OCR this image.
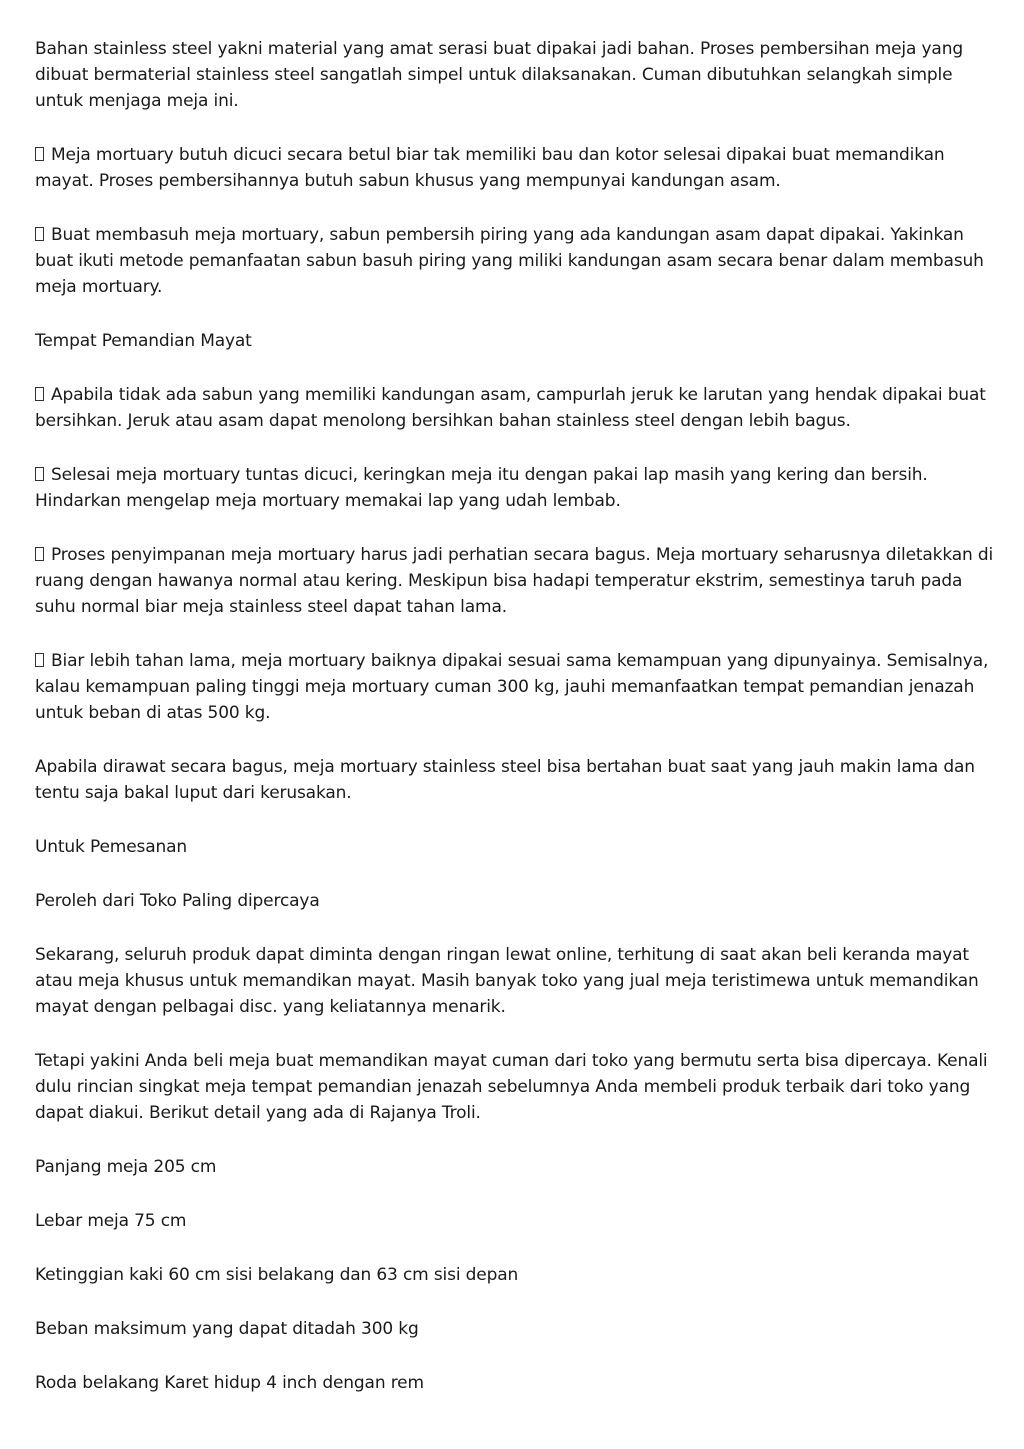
Bahan stainless steel yakni material yang amat serasi buat dipakai jadi bahan. Proses pembersihan meja yang dibuat bermaterial stainless steel sangatlah simpel untuk dilaksanakan. Cuman dibutuhkan selangkah simple untuk menjaga meja ini.

Meja mortuary butuh dicuci secara betul biar tak memiliki bau dan kotor selesai dipakai buat memandikan mayat. Proses pembersihannya butuh sabun khusus yang mempunyai kandungan asam.

Buat membasuh meja mortuary, sabun pembersih piring yang ada kandungan asam dapat dipakai. Yakinkan buat ikuti metode pemanfaatan sabun basuh piring yang miliki kandungan asam secara benar dalam membasuh meja mortuary.

Tempat Pemandian Mayat

Apabila tidak ada sabun yang memiliki kandungan asam, campurlah jeruk ke larutan yang hendak dipakai buat bersihkan. Jeruk atau asam dapat menolong bersihkan bahan stainless steel dengan lebih bagus.

Selesai meja mortuary tuntas dicuci, keringkan meja itu dengan pakai lap masih yang kering dan bersih. Hindarkan mengelap meja mortuary memakai lap yang udah lembab.

Proses penyimpanan meja mortuary harus jadi perhatian secara bagus. Meja mortuary seharusnya diletakkan di ruang dengan hawanya normal atau kering. Meskipun bisa hadapi temperatur ekstrim, semestinya taruh pada suhu normal biar meja stainless steel dapat tahan lama.

Biar lebih tahan lama, meja mortuary baiknya dipakai sesuai sama kemampuan yang dipunyainya. Semisalnya, kalau kemampuan paling tinggi meja mortuary cuman 300 kg, jauhi memanfaatkan tempat pemandian jenazah untuk beban di atas 500 kg.

Apabila dirawat secara bagus, meja mortuary stainless steel bisa bertahan buat saat yang jauh makin lama dan tentu saja bakal luput dari kerusakan.

Untuk Pemesanan

Peroleh dari Toko Paling dipercaya

Sekarang, seluruh produk dapat diminta dengan ringan lewat online, terhitung di saat akan beli keranda mayat atau meja khusus untuk memandikan mayat. Masih banyak toko yang jual meja teristimewa untuk memandikan mayat dengan pelbagai disc. yang keliatannya menarik.

Tetapi yakini Anda beli meja buat memandikan mayat cuman dari toko yang bermutu serta bisa dipercaya. Kenali dulu rincian singkat meja tempat pemandian jenazah sebelumnya Anda membeli produk terbaik dari toko yang dapat diakui. Berikut detail yang ada di Rajanya Troli.

Panjang meja 205 cm

Lebar meja 75 cm

Ketinggian kaki 60 cm sisi belakang dan 63 cm sisi depan

Beban maksimum yang dapat ditadah 300 kg

Roda belakang Karet hidup 4 inch dengan rem
